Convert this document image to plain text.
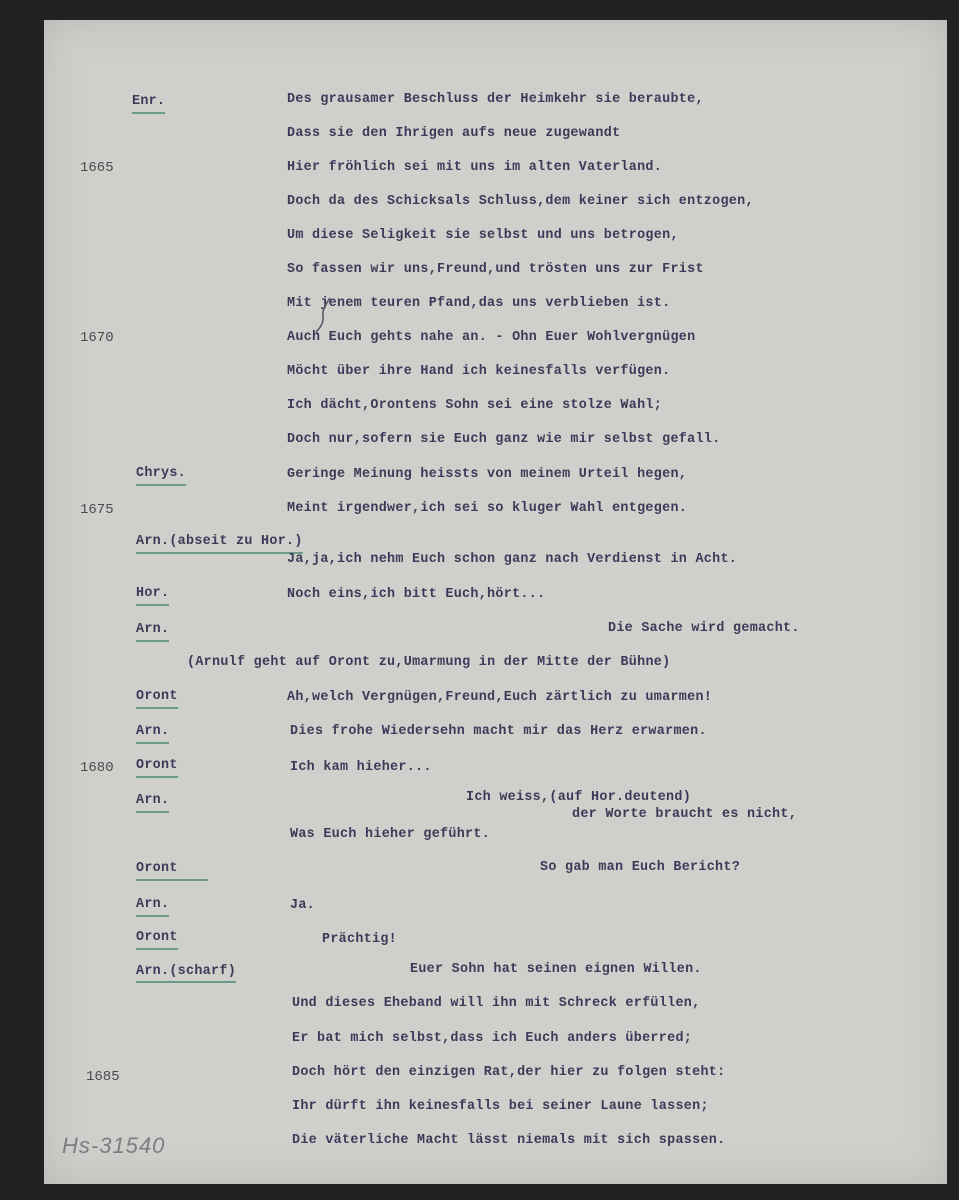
Enr.
Chrys.
Arn.(abseit zu Hor.)
Hor.
Arn.
Oront
Arn.
Oront
Arn.
Oront
Arn.
Oront
Arn.(scharf)
1665
1670
1675
1680
1685
Des grausamer Beschluss der Heimkehr sie beraubte,
Dass sie den Ihrigen aufs neue zugewandt
Hier fröhlich sei mit uns im alten Vaterland.
Doch da des Schicksals Schluss,dem keiner sich entzogen,
Um diese Seligkeit sie selbst und uns betrogen,
So fassen wir uns,Freund,und trösten uns zur Frist
Mit jenem teuren Pfand,das uns verblieben ist.
Auch Euch gehts nahe an. - Ohn Euer Wohlvergnügen
Möcht über ihre Hand ich keinesfalls verfügen.
Ich dächt,Orontens Sohn sei eine stolze Wahl;
Doch nur,sofern sie Euch ganz wie mir selbst gefall.
Geringe Meinung heissts von meinem Urteil hegen,
Meint irgendwer,ich sei so kluger Wahl entgegen.
Ja,ja,ich nehm Euch schon ganz nach Verdienst in Acht.
Noch eins,ich bitt Euch,hört...
Die Sache wird gemacht.
(Arnulf geht auf Oront zu,Umarmung in der Mitte der Bühne)
Ah,welch Vergnügen,Freund,Euch zärtlich zu umarmen!
Dies frohe Wiedersehn macht mir das Herz erwarmen.
Ich kam hieher...
Ich weiss,(auf Hor.deutend)
der Worte braucht es nicht,
Was Euch hieher geführt.
So gab man Euch Bericht?
Ja.
Prächtig!
Euer Sohn hat seinen eignen Willen.
Und dieses Eheband will ihn mit Schreck erfüllen,
Er bat mich selbst,dass ich Euch anders überred;
Doch hört den einzigen Rat,der hier zu folgen steht:
Ihr dürft ihn keinesfalls bei seiner Laune lassen;
Die väterliche Macht lässt niemals mit sich spassen.
Hs-31540
